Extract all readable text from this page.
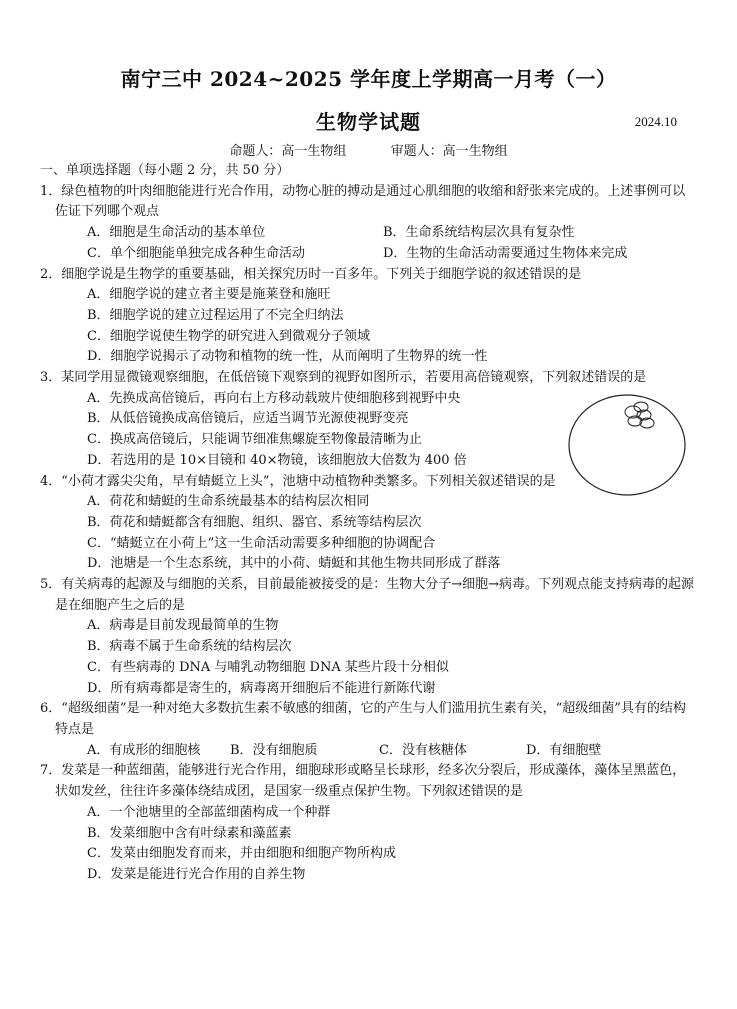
南宁三中 2024~2025 学年度上学期高一月考（一）
生物学试题	2024.10
命题人：高一生物组	审题人：高一生物组
一、单项选择题（每小题 2 分，共 50 分）
1．绿色植物的叶肉细胞能进行光合作用，动物心脏的搏动是通过心肌细胞的收缩和舒张来完成的。上述事例可以佐证下列哪个观点
A．细胞是生命活动的基本单位	B．生命系统结构层次具有复杂性
C．单个细胞能单独完成各种生命活动	D．生物的生命活动需要通过生物体来完成
2．细胞学说是生物学的重要基础，相关探究历时一百多年。下列关于细胞学说的叙述错误的是
A．细胞学说的建立者主要是施莱登和施旺
B．细胞学说的建立过程运用了不完全归纳法
C．细胞学说使生物学的研究进入到微观分子领域
D．细胞学说揭示了动物和植物的统一性，从而阐明了生物界的统一性
3．某同学用显微镜观察细胞，在低倍镜下观察到的视野如图所示，若要用高倍镜观察，下列叙述错误的是
A．先换成高倍镜后，再向右上方移动载玻片使细胞移到视野中央
B．从低倍镜换成高倍镜后，应适当调节光源使视野变亮
C．换成高倍镜后，只能调节细准焦螺旋至物像最清晰为止
D．若选用的是 10×目镜和 40×物镜，该细胞放大倍数为 400 倍
4．“小荷才露尖尖角，早有蜻蜓立上头”，池塘中动植物种类繁多。下列相关叙述错误的是
A．荷花和蜻蜓的生命系统最基本的结构层次相同
B．荷花和蜻蜓都含有细胞、组织、器官、系统等结构层次
C．“蜻蜓立在小荷上”这一生命活动需要多种细胞的协调配合
D．池塘是一个生态系统，其中的小荷、蜻蜓和其他生物共同形成了群落
5．有关病毒的起源及与细胞的关系，目前最能被接受的是：生物大分子→细胞→病毒。下列观点能支持病毒的起源是在细胞产生之后的是
A．病毒是目前发现最简单的生物
B．病毒不属于生命系统的结构层次
C．有些病毒的 DNA 与哺乳动物细胞 DNA 某些片段十分相似
D．所有病毒都是寄生的，病毒离开细胞后不能进行新陈代谢
6．“超级细菌”是一种对绝大多数抗生素不敏感的细菌，它的产生与人们滥用抗生素有关，“超级细菌”具有的结构特点是
A．有成形的细胞核	B．没有细胞质	C．没有核糖体	D．有细胞壁
7．发菜是一种蓝细菌，能够进行光合作用，细胞球形或略呈长球形，经多次分裂后，形成藻体，藻体呈黑蓝色，状如发丝，往往许多藻体绕结成团，是国家一级重点保护生物。下列叙述错误的是
A．一个池塘里的全部蓝细菌构成一个种群
B．发菜细胞中含有叶绿素和藻蓝素
C．发菜由细胞发育而来，并由细胞和细胞产物所构成
D．发菜是能进行光合作用的自养生物
